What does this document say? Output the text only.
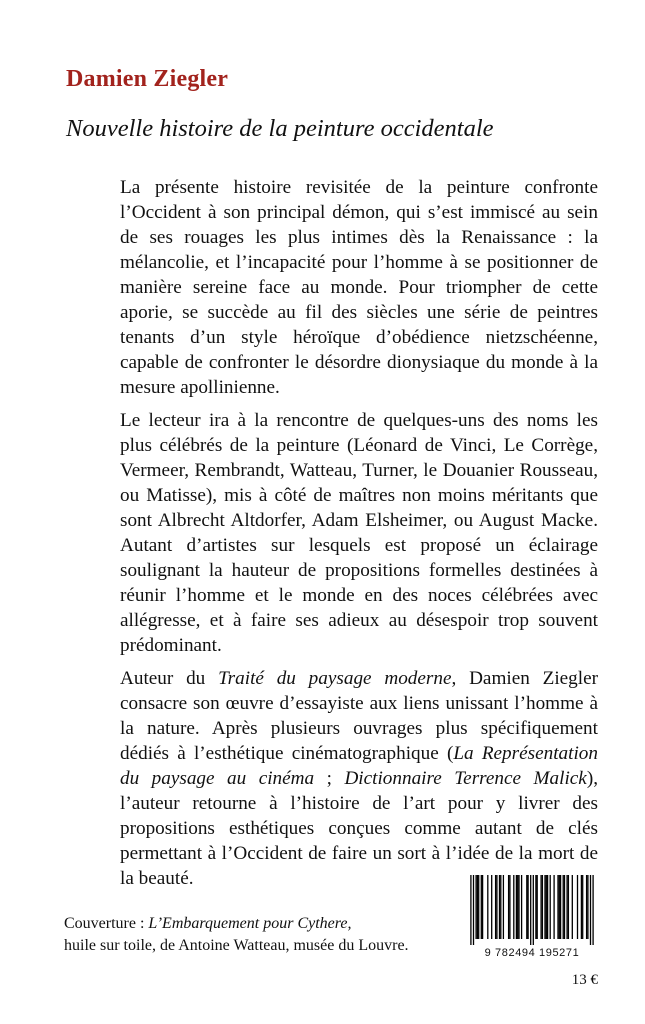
Damien Ziegler
Nouvelle histoire de la peinture occidentale

La présente histoire revisitée de la peinture confronte l’Occident à son principal démon, qui s’est immiscé au sein de ses rouages les plus intimes dès la Renaissance : la mélancolie, et l’incapacité pour l’homme à se positionner de manière sereine face au monde. Pour triompher de cette aporie, se succède au fil des siècles une série de peintres tenants d’un style héroïque d’obédience nietzschéenne, capable de confronter le désordre dionysiaque du monde à la mesure apollinienne.

Le lecteur ira à la rencontre de quelques-uns des noms les plus célébrés de la peinture (Léonard de Vinci, Le Corrège, Vermeer, Rembrandt, Watteau, Turner, le Douanier Rousseau, ou Matisse), mis à côté de maîtres non moins méritants que sont Albrecht Altdorfer, Adam Elsheimer, ou August Macke. Autant d’artistes sur lesquels est proposé un éclairage soulignant la hauteur de propositions formelles destinées à réunir l’homme et le monde en des noces célébrées avec allégresse, et à faire ses adieux au désespoir trop souvent prédominant.

Auteur du Traité du paysage moderne, Damien Ziegler consacre son œuvre d’essayiste aux liens unissant l’homme à la nature. Après plusieurs ouvrages plus spécifiquement dédiés à l’esthétique cinématographique (La Représentation du paysage au cinéma ; Dictionnaire Terrence Malick), l’auteur retourne à l’histoire de l’art pour y livrer des propositions esthétiques conçues comme autant de clés permettant à l’Occident de faire un sort à l’idée de la mort de la beauté.

Couverture : L’Embarquement pour Cythere,
huile sur toile, de Antoine Watteau, musée du Louvre.	9 782494 195271
13 €
